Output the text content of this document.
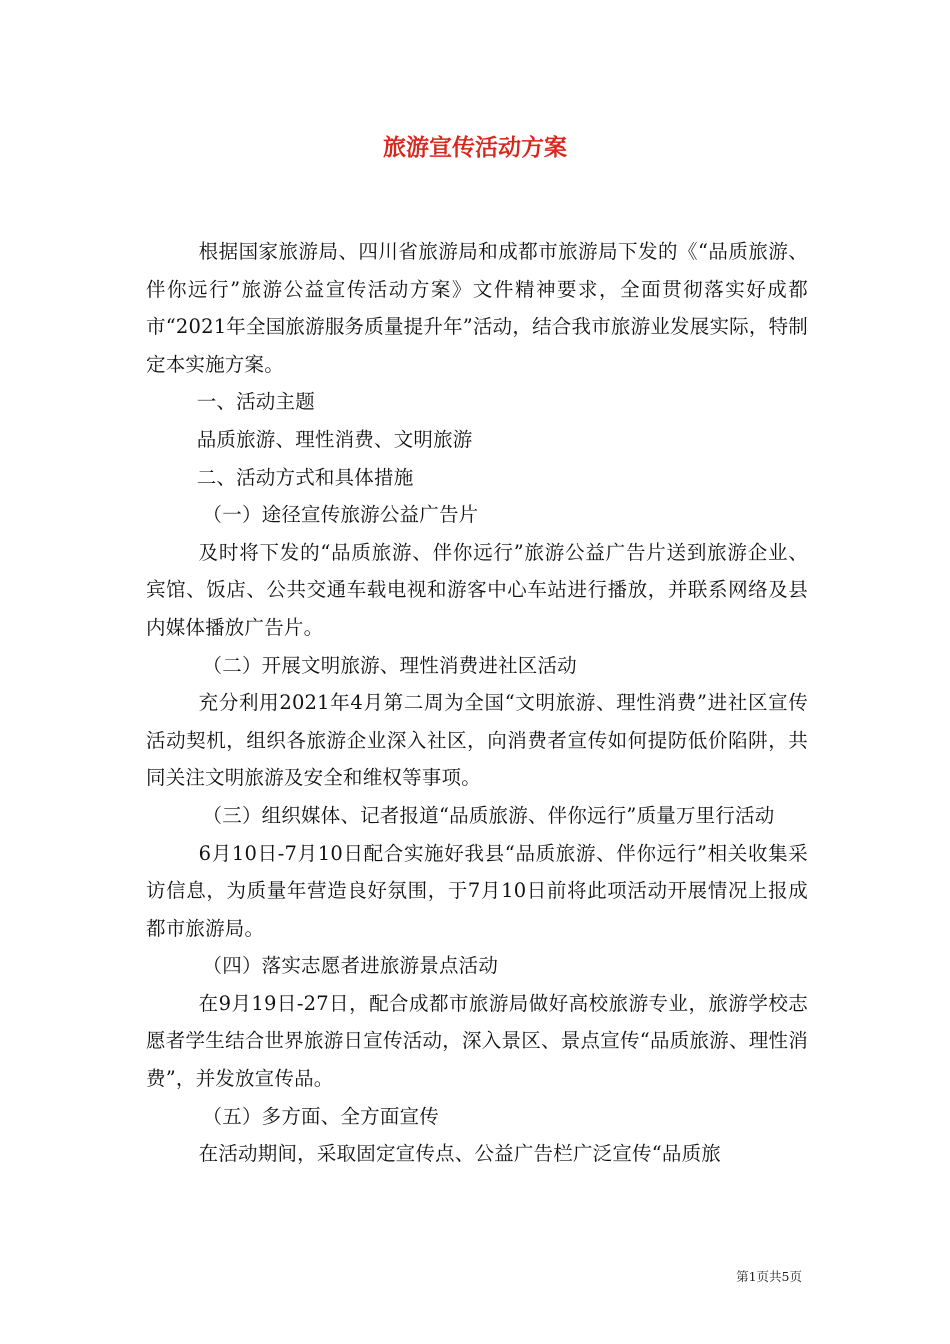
旅游宣传活动方案

根据国家旅游局、四川省旅游局和成都市旅游局下发的《“品质旅游、伴你远行”旅游公益宣传活动方案》文件精神要求，全面贯彻落实好成都市“2021年全国旅游服务质量提升年”活动，结合我市旅游业发展实际，特制定本实施方案。

一、活动主题

品质旅游、理性消费、文明旅游

二、活动方式和具体措施

（一）途径宣传旅游公益广告片

及时将下发的“品质旅游、伴你远行”旅游公益广告片送到旅游企业、宾馆、饭店、公共交通车载电视和游客中心车站进行播放，并联系网络及县内媒体播放广告片。

（二）开展文明旅游、理性消费进社区活动

充分利用2021年4月第二周为全国“文明旅游、理性消费”进社区宣传活动契机，组织各旅游企业深入社区，向消费者宣传如何提防低价陷阱，共同关注文明旅游及安全和维权等事项。

（三）组织媒体、记者报道“品质旅游、伴你远行”质量万里行活动

6月10日-7月10日配合实施好我县“品质旅游、伴你远行”相关收集采访信息，为质量年营造良好氛围，于7月10日前将此项活动开展情况上报成都市旅游局。

（四）落实志愿者进旅游景点活动

在9月19日-27日，配合成都市旅游局做好高校旅游专业，旅游学校志愿者学生结合世界旅游日宣传活动，深入景区、景点宣传“品质旅游、理性消费”，并发放宣传品。

（五）多方面、全方面宣传

在活动期间，采取固定宣传点、公益广告栏广泛宣传“品质旅

第1页共5页
